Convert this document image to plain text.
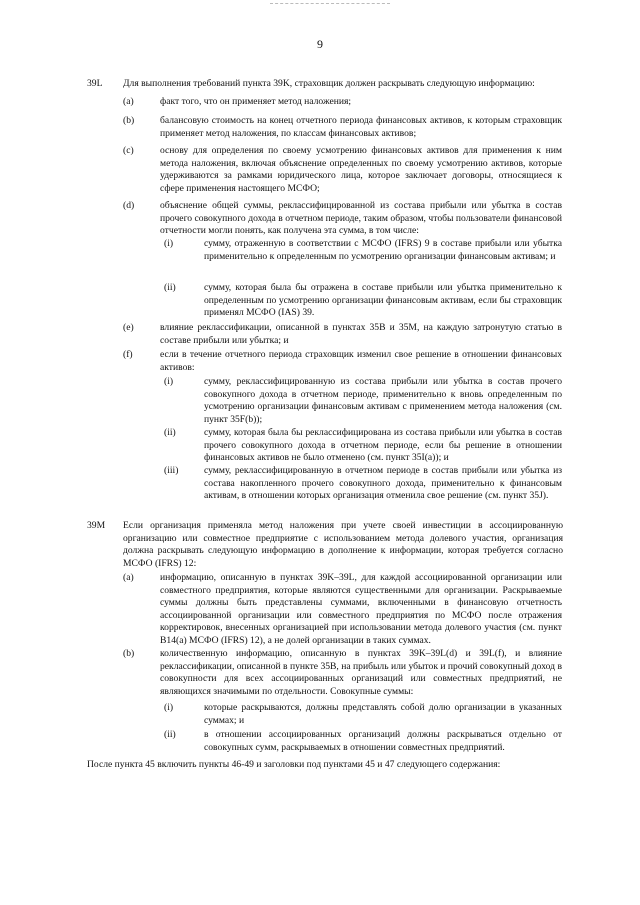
9
39L Для выполнения требований пункта 39K, страховщик должен раскрывать следующую информацию:
(a)	факт того, что он применяет метод наложения;
(b)	балансовую стоимость на конец отчетного периода финансовых активов, к которым страховщик применяет метод наложения, по классам финансовых активов;
(c)	основу для определения по своему усмотрению финансовых активов для применения к ним метода наложения, включая объяснение определенных по своему усмотрению активов, которые удерживаются за рамками юридического лица, которое заключает договоры, относящиеся к сфере применения настоящего МСФО;
(d)	объяснение общей суммы, реклассифицированной из состава прибыли или убытка в состав прочего совокупного дохода в отчетном периоде, таким образом, чтобы пользователи финансовой отчетности могли понять, как получена эта сумма, в том числе:
(i)	сумму, отраженную в соответствии с МСФО (IFRS) 9 в составе прибыли или убытка применительно к определенным по усмотрению организации финансовым активам; и
(ii)	сумму, которая была бы отражена в составе прибыли или убытка применительно к определенным по усмотрению организации финансовым активам, если бы страховщик применял МСФО (IAS) 39.
(e)	влияние реклассификации, описанной в пунктах 35B и 35M, на каждую затронутую статью в составе прибыли или убытка; и
(f)	если в течение отчетного периода страховщик изменил свое решение в отношении финансовых активов:
(i)	сумму, реклассифицированную из состава прибыли или убытка в состав прочего совокупного дохода в отчетном периоде, применительно к вновь определенным по усмотрению организации финансовым активам с применением метода наложения (см. пункт 35F(b));
(ii)	сумму, которая была бы реклассифицирована из состава прибыли или убытка в состав прочего совокупного дохода в отчетном периоде, если бы решение в отношении финансовых активов не было отменено (см. пункт 35I(a)); и
(iii)	сумму, реклассифицированную в отчетном периоде в состав прибыли или убытка из состава накопленного прочего совокупного дохода, применительно к финансовым активам, в отношении которых организация отменила свое решение (см. пункт 35J).
39M Если организация применяла метод наложения при учете своей инвестиции в ассоциированную организацию или совместное предприятие с использованием метода долевого участия, организация должна раскрывать следующую информацию в дополнение к информации, которая требуется согласно МСФО (IFRS) 12:
(a)	информацию, описанную в пунктах 39K–39L, для каждой ассоциированной организации или совместного предприятия, которые являются существенными для организации. Раскрываемые суммы должны быть представлены суммами, включенными в финансовую отчетность ассоциированной организации или совместного предприятия по МСФО после отражения корректировок, внесенных организацией при использовании метода долевого участия (см. пункт B14(a) МСФО (IFRS) 12), а не долей организации в таких суммах.
(b)	количественную информацию, описанную в пунктах 39K–39L(d) и 39L(f), и влияние реклассификации, описанной в пункте 35B, на прибыль или убыток и прочий совокупный доход в совокупности для всех ассоциированных организаций или совместных предприятий, не являющихся значимыми по отдельности. Совокупные суммы:
(i)	которые раскрываются, должны представлять собой долю организации в указанных суммах; и
(ii)	в отношении ассоциированных организаций должны раскрываться отдельно от совокупных сумм, раскрываемых в отношении совместных предприятий.
После пункта 45 включить пункты 46-49 и заголовки под пунктами 45 и 47 следующего содержания:
